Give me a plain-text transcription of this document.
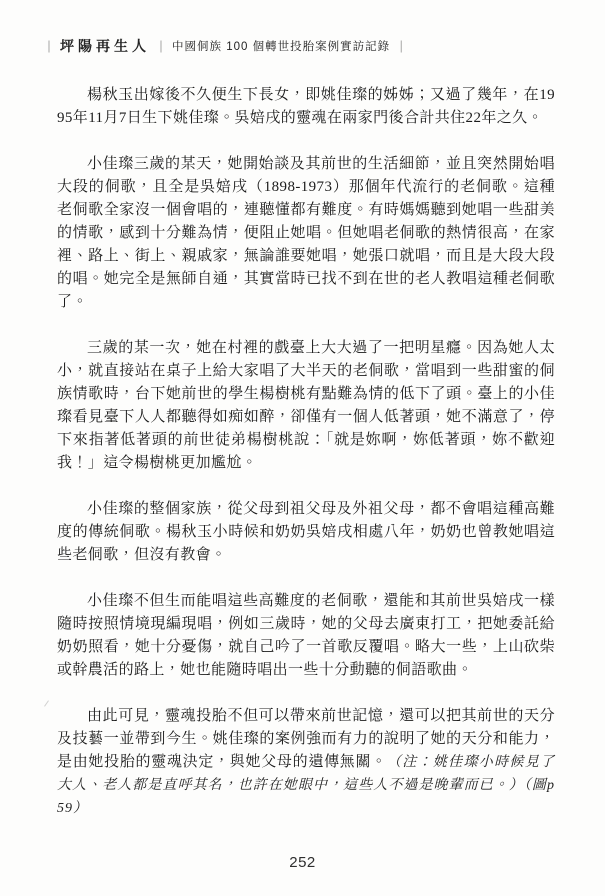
｜ 坪陽再生人 ｜ 中國侗族 100 個轉世投胎案例實訪記錄 ｜

楊秋玉出嫁後不久便生下長女，即姚佳璨的姊姊；又過了幾年，在1995年11月7日生下姚佳璨。吳婄戌的靈魂在兩家門後合計共住22年之久。

小佳璨三歲的某天，她開始談及其前世的生活細節，並且突然開始唱大段的侗歌，且全是吳婄戌（1898-1973）那個年代流行的老侗歌。這種老侗歌全家沒一個會唱的，連聽懂都有難度。有時媽媽聽到她唱一些甜美的情歌，感到十分難為情，便阻止她唱。但她唱老侗歌的熱情很高，在家裡、路上、街上、親戚家，無論誰要她唱，她張口就唱，而且是大段大段的唱。她完全是無師自通，其實當時已找不到在世的老人教唱這種老侗歌了。

三歲的某一次，她在村裡的戲臺上大大過了一把明星癮。因為她人太小，就直接站在桌子上給大家唱了大半天的老侗歌，當唱到一些甜蜜的侗族情歌時，台下她前世的學生楊樹桃有點難為情的低下了頭。臺上的小佳璨看見臺下人人都聽得如痴如醉，卻僅有一個人低著頭，她不滿意了，停下來指著低著頭的前世徒弟楊樹桃說：「就是妳啊，妳低著頭，妳不歡迎我！」這令楊樹桃更加尷尬。

小佳璨的整個家族，從父母到祖父母及外祖父母，都不會唱這種高難度的傳統侗歌。楊秋玉小時候和奶奶吳婄戌相處八年，奶奶也曾教她唱這些老侗歌，但沒有教會。

小佳璨不但生而能唱這些高難度的老侗歌，還能和其前世吳婄戌一樣隨時按照情境現編現唱，例如三歲時，她的父母去廣東打工，把她委託給奶奶照看，她十分憂傷，就自己吟了一首歌反覆唱。略大一些，上山砍柴或幹農活的路上，她也能隨時唱出一些十分動聽的侗語歌曲。

由此可見，靈魂投胎不但可以帶來前世記憶，還可以把其前世的天分及技藝一並帶到今生。姚佳璨的案例強而有力的說明了她的天分和能力，是由她投胎的靈魂決定，與她父母的遺傳無關。（注：姚佳璨小時候見了大人、老人都是直呼其名，也許在她眼中，這些人不過是晚輩而已。）（圖p59）

252
